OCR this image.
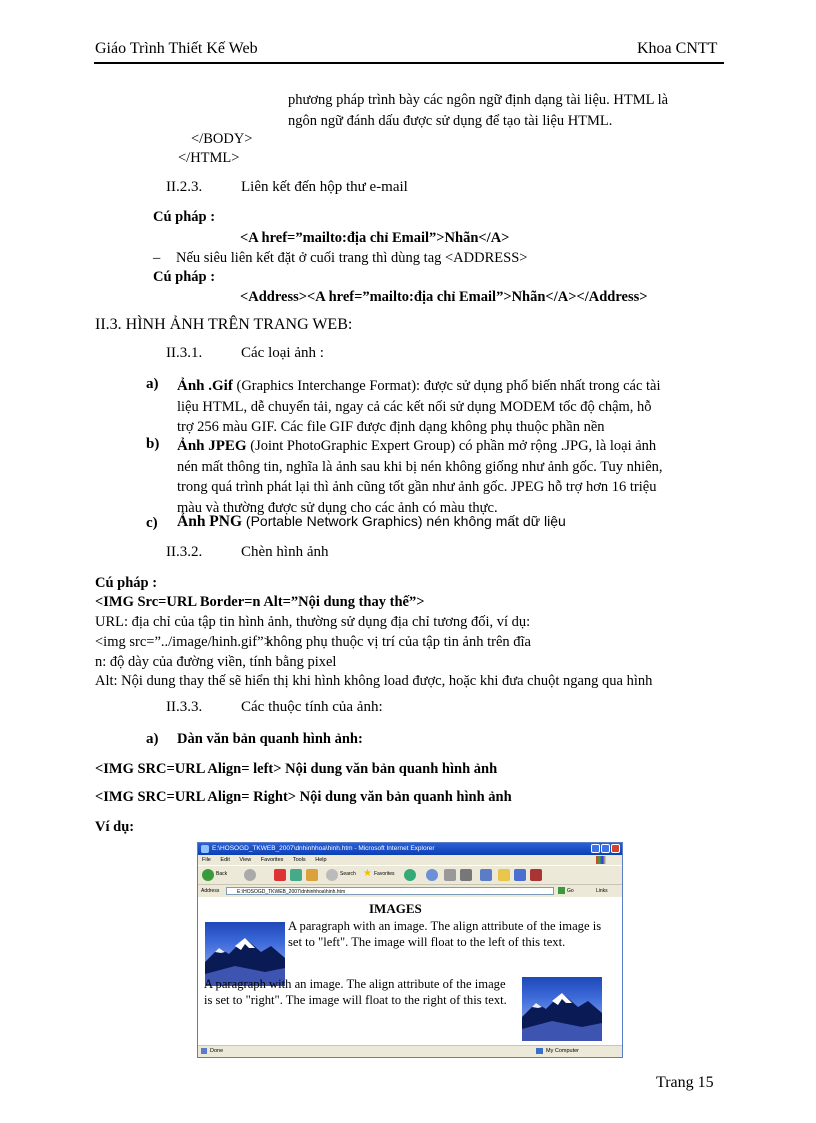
Giáo Trình Thiết Kế Web	Khoa CNTT
phương pháp trình bày các ngôn ngữ định dạng tài liệu. HTML là
ngôn ngữ đánh dấu được sử dụng để tạo tài liệu HTML.
</BODY>
</HTML>
II.2.3.	Liên kết đến hộp thư e-mail
Cú pháp :
<A href=”mailto:địa chỉ Email”>Nhãn</A>
– Nếu siêu liên kết đặt ở cuối trang thì dùng tag <ADDRESS>
Cú pháp :
<Address><A href=”mailto:địa chỉ Email”>Nhãn</A></Address>
II.3. HÌNH ẢNH TRÊN TRANG WEB:
II.3.1.	Các loại ảnh :
a) Ảnh .Gif (Graphics Interchange Format): được sử dụng phổ biến nhất trong các tài
liệu HTML, dễ chuyển tải, ngay cả các kết nối sử dụng MODEM tốc độ chậm, hỗ
trợ 256 màu GIF. Các file GIF được định dạng không phụ thuộc phần nền
b) Ảnh JPEG (Joint PhotoGraphic Expert Group) có phần mở rộng .JPG, là loại ảnh
nén mất thông tin, nghĩa là ảnh sau khi bị nén không giống như ảnh gốc. Tuy nhiên,
trong quá trình phát lại thì ảnh cũng tốt gần như ảnh gốc. JPEG hỗ trợ hơn 16 triệu
màu và thường được sử dụng cho các ảnh có màu thực.
c) Ảnh PNG (Portable Network Graphics) nén không mất dữ liệu
II.3.2.	Chèn hình ảnh
Cú pháp :
<IMG Src=URL Border=n Alt=”Nội dung thay thế”>
URL: địa chỉ của tập tin hình ảnh, thường sử dụng địa chỉ tương đối, ví dụ:
<img src=”../image/hinh.gif”>
không phụ thuộc vị trí của tập tin ảnh trên đĩa
n: độ dày của đường viền, tính bằng pixel
Alt: Nội dung thay thế sẽ hiển thị khi hình không load được, hoặc khi đưa chuột ngang qua hình
II.3.3.	Các thuộc tính của ảnh:
a) Dàn văn bản quanh hình ảnh:
<IMG SRC=URL Align= left> Nội dung văn bản quanh hình ảnh
<IMG SRC=URL Align= Right> Nội dung văn bản quanh hình ảnh
Ví dụ:
E:\HOSOGD_TKWEB_2007\dnhinhhoa\hinh.htm - Microsoft Internet Explorer
File Edit View Favorites Tools Help
Back	Search ★ Favorites
Address	E:\HOSOGD_TKWEB_2007\dnhinhhoa\hinh.htm	Go	Links
IMAGES
A paragraph with an image. The align attribute of the image is set to "left". The image will float to the left of this text.
A paragraph with an image. The align attribute of the image is set to "right". The image will float to the right of this text.
Done	My Computer
Trang 15
